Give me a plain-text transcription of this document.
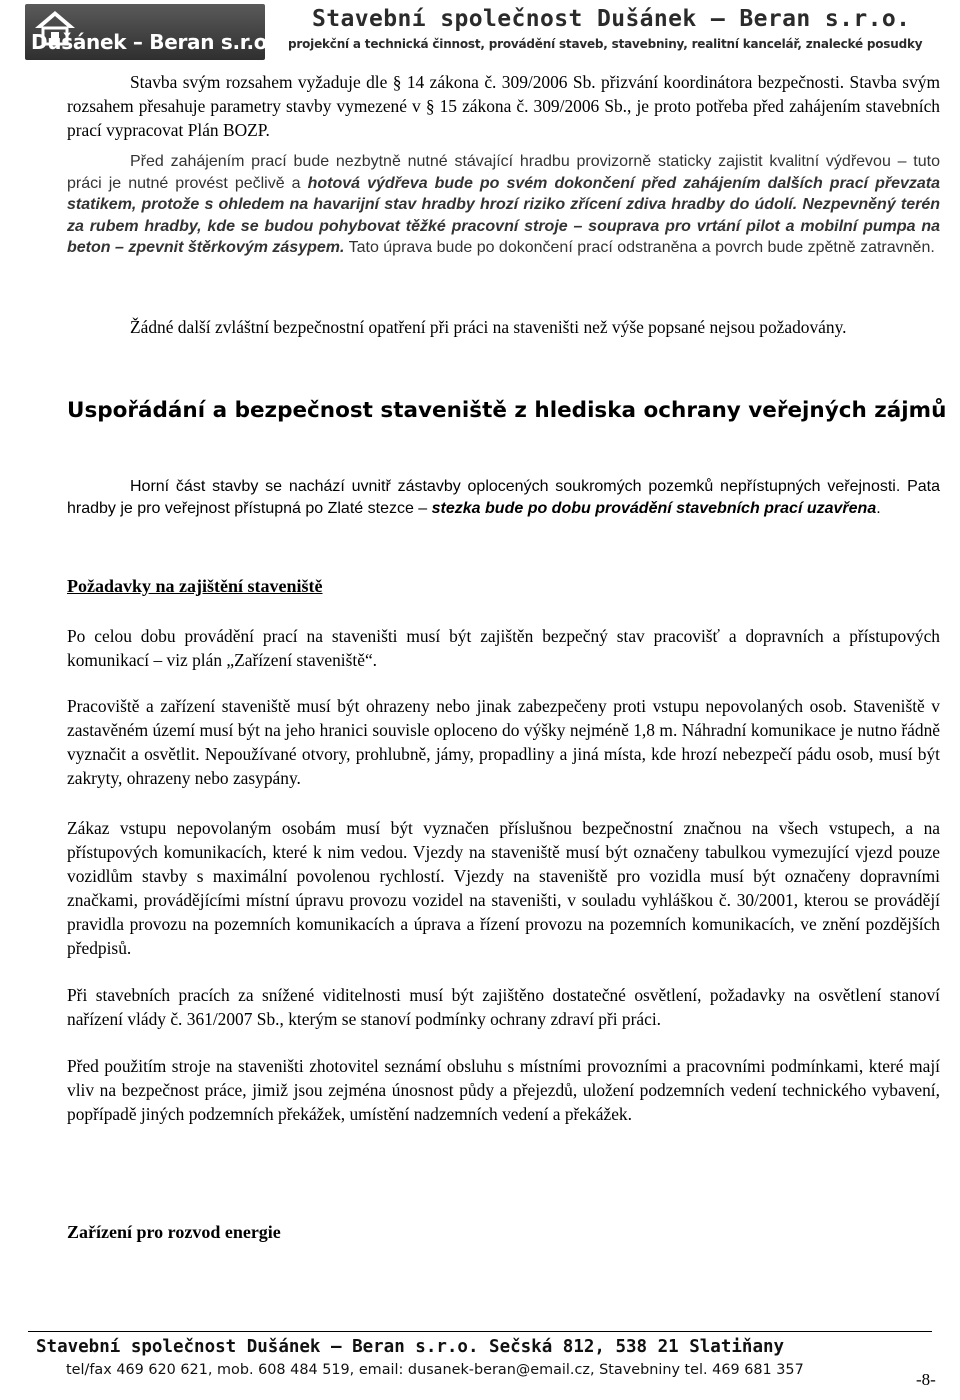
Dušánek – Beran s.r.o.
Stavební společnost Dušánek – Beran s.r.o.
projekční a technická činnost, provádění staveb, stavebniny, realitní kancelář, znalecké posudky

Stavba svým rozsahem vyžaduje dle § 14 zákona č. 309/2006 Sb. přizvání koordinátora bezpečnosti. Stavba svým rozsahem přesahuje parametry stavby vymezené v § 15 zákona č. 309/2006 Sb., je proto potřeba před zahájením stavebních prací vypracovat Plán BOZP.

Před zahájením prací bude nezbytně nutné stávající hradbu provizorně staticky zajistit kvalitní výdřevou – tuto práci je nutné provést pečlivě a hotová výdřeva bude po svém dokončení před zahájením dalších prací převzata statikem, protože s ohledem na havarijní stav hradby hrozí riziko zřícení zdiva hradby do údolí. Nezpevněný terén za rubem hradby, kde se budou pohybovat těžké pracovní stroje – souprava pro vrtání pilot a mobilní pumpa na beton – zpevnit štěrkovým zásypem. Tato úprava bude po dokončení prací odstraněna a povrch bude zpětně zatravněn.

Žádné další zvláštní bezpečnostní opatření při práci na staveništi než výše popsané nejsou požadovány.

Uspořádání a bezpečnost staveniště z hlediska ochrany veřejných zájmů

Horní část stavby se nachází uvnitř zástavby oplocených soukromých pozemků nepřístupných veřejnosti. Pata hradby je pro veřejnost přístupná po Zlaté stezce – stezka bude po dobu provádění stavebních prací uzavřena.

Požadavky na zajištění staveniště

Po celou dobu provádění prací na staveništi musí být zajištěn bezpečný stav pracovišť a dopravních a přístupových komunikací – viz plán „Zařízení staveniště“.

Pracoviště a zařízení staveniště musí být ohrazeny nebo jinak zabezpečeny proti vstupu nepovolaných osob. Staveniště v zastavěném území musí být na jeho hranici souvisle oploceno do výšky nejméně 1,8 m. Náhradní komunikace je nutno řádně vyznačit a osvětlit. Nepoužívané otvory, prohlubně, jámy, propadliny a jiná místa, kde hrozí nebezpečí pádu osob, musí být zakryty, ohrazeny nebo zasypány.

Zákaz vstupu nepovolaným osobám musí být vyznačen příslušnou bezpečnostní značnou na všech vstupech, a na přístupových komunikacích, které k nim vedou. Vjezdy na staveniště musí být označeny tabulkou vymezující vjezd pouze vozidlům stavby s maximální povolenou rychlostí. Vjezdy na staveniště pro vozidla musí být označeny dopravními značkami, provádějícími místní úpravu provozu vozidel na staveništi, v souladu vyhláškou č. 30/2001, kterou se provádějí pravidla provozu na pozemních komunikacích a úprava a řízení provozu na pozemních komunikacích, ve znění pozdějších předpisů.

Při stavebních pracích za snížené viditelnosti musí být zajištěno dostatečné osvětlení, požadavky na osvětlení stanoví nařízení vlády č. 361/2007 Sb., kterým se stanoví podmínky ochrany zdraví při práci.

Před použitím stroje na staveništi zhotovitel seznámí obsluhu s místními provozními a pracovními podmínkami, které mají vliv na bezpečnost práce, jimiž jsou zejména únosnost půdy a přejezdů, uložení podzemních vedení technického vybavení, popřípadě jiných podzemních překážek, umístění nadzemních vedení a překážek.

Zařízení pro rozvod energie
Stavební společnost Dušánek – Beran s.r.o. Sečská 812, 538 21 Slatiňany
tel/fax 469 620 621, mob. 608 484 519, email: dusanek-beran@email.cz, Stavebniny tel. 469 681 357	-8-
